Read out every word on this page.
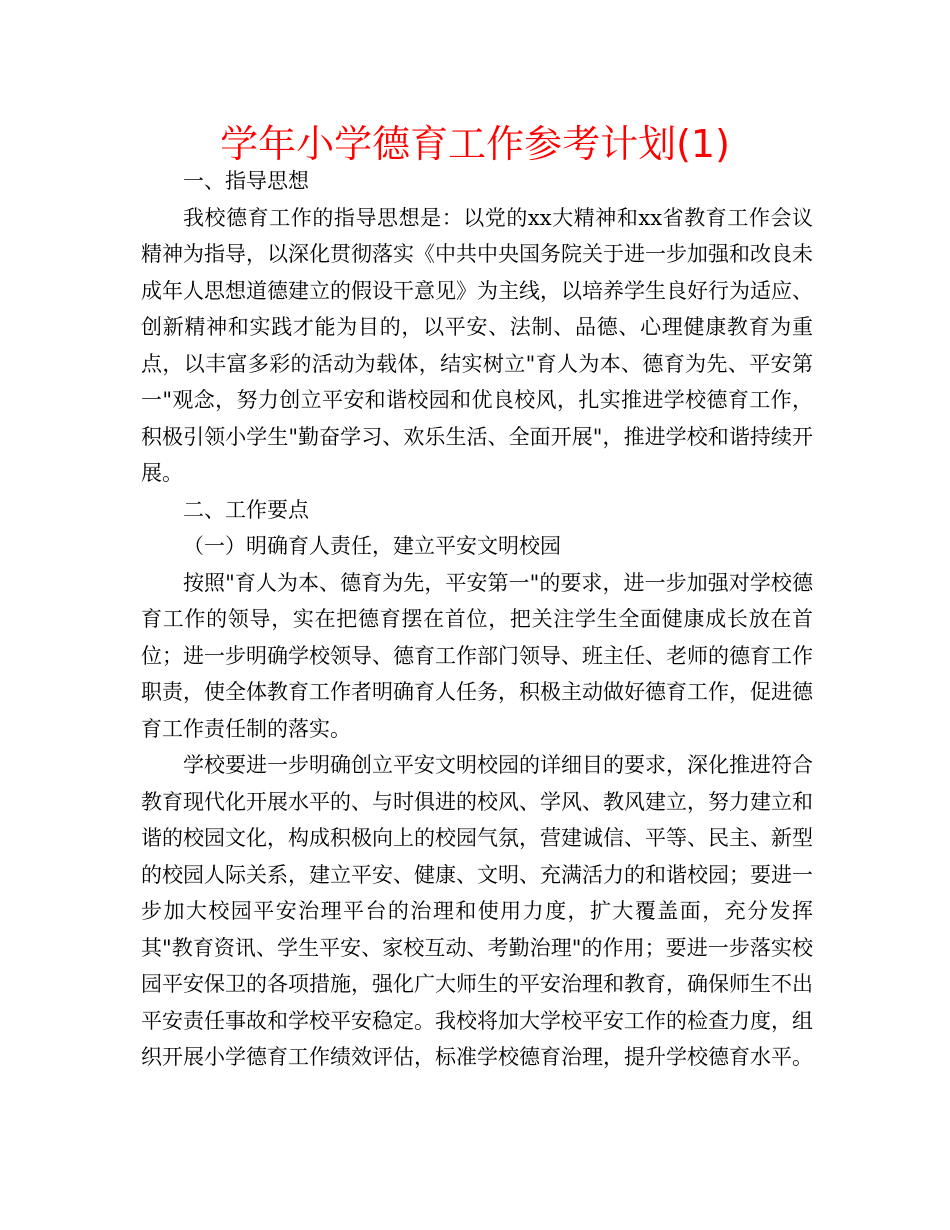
学年小学德育工作参考计划(1)

一、指导思想

我校德育工作的指导思想是：以党的xx大精神和xx省教育工作会议精神为指导，以深化贯彻落实《中共中央国务院关于进一步加强和改良未成年人思想道德建立的假设干意见》为主线，以培养学生良好行为适应、创新精神和实践才能为目的，以平安、法制、品德、心理健康教育为重点，以丰富多彩的活动为载体，结实树立"育人为本、德育为先、平安第一"观念，努力创立平安和谐校园和优良校风，扎实推进学校德育工作，积极引领小学生"勤奋学习、欢乐生活、全面开展"，推进学校和谐持续开展。

二、工作要点

（一）明确育人责任，建立平安文明校园

按照"育人为本、德育为先，平安第一"的要求，进一步加强对学校德育工作的领导，实在把德育摆在首位，把关注学生全面健康成长放在首位；进一步明确学校领导、德育工作部门领导、班主任、老师的德育工作职责，使全体教育工作者明确育人任务，积极主动做好德育工作，促进德育工作责任制的落实。

学校要进一步明确创立平安文明校园的详细目的要求，深化推进符合教育现代化开展水平的、与时俱进的校风、学风、教风建立，努力建立和谐的校园文化，构成积极向上的校园气氛，营建诚信、平等、民主、新型的校园人际关系，建立平安、健康、文明、充满活力的和谐校园；要进一步加大校园平安治理平台的治理和使用力度，扩大覆盖面，充分发挥其"教育资讯、学生平安、家校互动、考勤治理"的作用；要进一步落实校园平安保卫的各项措施，强化广大师生的平安治理和教育，确保师生不出平安责任事故和学校平安稳定。我校将加大学校平安工作的检查力度，组织开展小学德育工作绩效评估，标准学校德育治理，提升学校德育水平。
